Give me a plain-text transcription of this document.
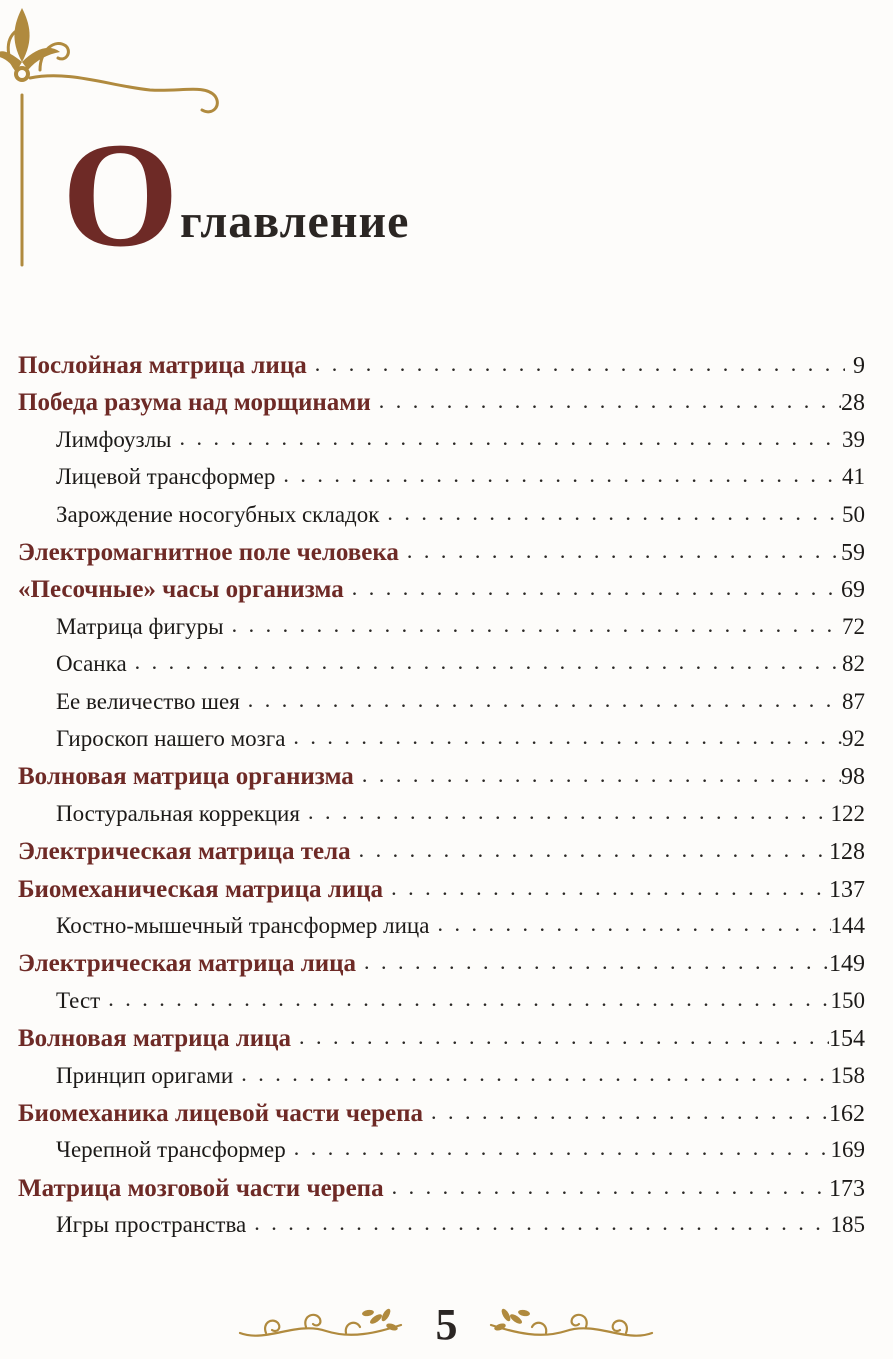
О главление
Послойная матрица лица . . .	9
Победа разума над морщинами . . .	28
Лимфоузлы . . .	39
Лицевой трансформер . . .	41
Зарождение носогубных складок . . .	50
Электромагнитное поле человека . . .	59
«Песочные» часы организма . . .	69
Матрица фигуры . . .	72
Осанка . . .	82
Ее величество шея . . .	87
Гироскоп нашего мозга . . .	92
Волновая матрица организма . . .	98
Постуральная коррекция . . .	122
Электрическая матрица тела . . .	128
Биомеханическая матрица лица . . .	137
Костно-мышечный трансформер лица . . .	144
Электрическая матрица лица . . .	149
Тест . . .	150
Волновая матрица лица . . .	154
Принцип оригами . . .	158
Биомеханика лицевой части черепа . . .	162
Черепной трансформер . . .	169
Матрица мозговой части черепа . . .	173
Игры пространства . . .	185
5
